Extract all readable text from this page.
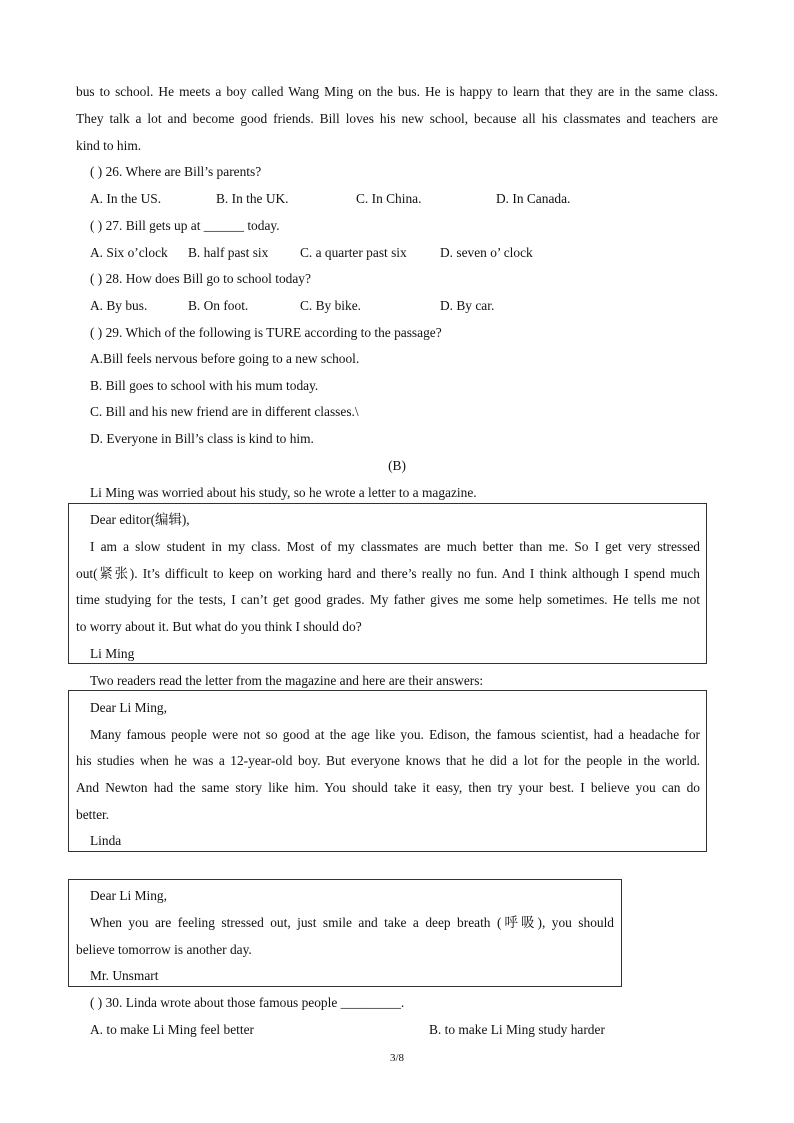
bus to school. He meets a boy called Wang Ming on the bus. He is happy to learn that they are in the same class.
They talk a lot and become good friends. Bill loves his new school, because all his classmates and teachers are
kind to him.
( ) 26. Where are Bill’s parents?
A. In the US.	B. In the UK.	C. In China.	D. In Canada.
( ) 27. Bill gets up at ______ today.
A. Six o’clock B. half past six C. a quarter past six D. seven o’ clock
( ) 28. How does Bill go to school today?
A. By bus.	B. On foot.	C. By bike.	D. By car.
( ) 29. Which of the following is TURE according to the passage?
A.Bill feels nervous before going to a new school.
B. Bill goes to school with his mum today.
C. Bill and his new friend are in different classes.\
D. Everyone in Bill’s class is kind to him.
(B)
Li Ming was worried about his study, so he wrote a letter to a magazine.
Dear editor(编辑),
I am a slow student in my class. Most of my classmates are much better than me. So I get very stressed
out(紧张). It’s difficult to keep on working hard and there’s really no fun. And I think although I spend much
time studying for the tests, I can’t get good grades. My father gives me some help sometimes. He tells me not
to worry about it. But what do you think I should do?
Li Ming
Two readers read the letter from the magazine and here are their answers:
Dear Li Ming,
Many famous people were not so good at the age like you. Edison, the famous scientist, had a headache for
his studies when he was a 12-year-old boy. But everyone knows that he did a lot for the people in the world.
And Newton had the same story like him. You should take it easy, then try your best. I believe you can do
better.
Linda
Dear Li Ming,
When you are feeling stressed out, just smile and take a deep breath (呼吸), you should
believe tomorrow is another day.
Mr. Unsmart
( ) 30. Linda wrote about those famous people _________.
A. to make Li Ming feel better	B. to make Li Ming study harder
3/8
